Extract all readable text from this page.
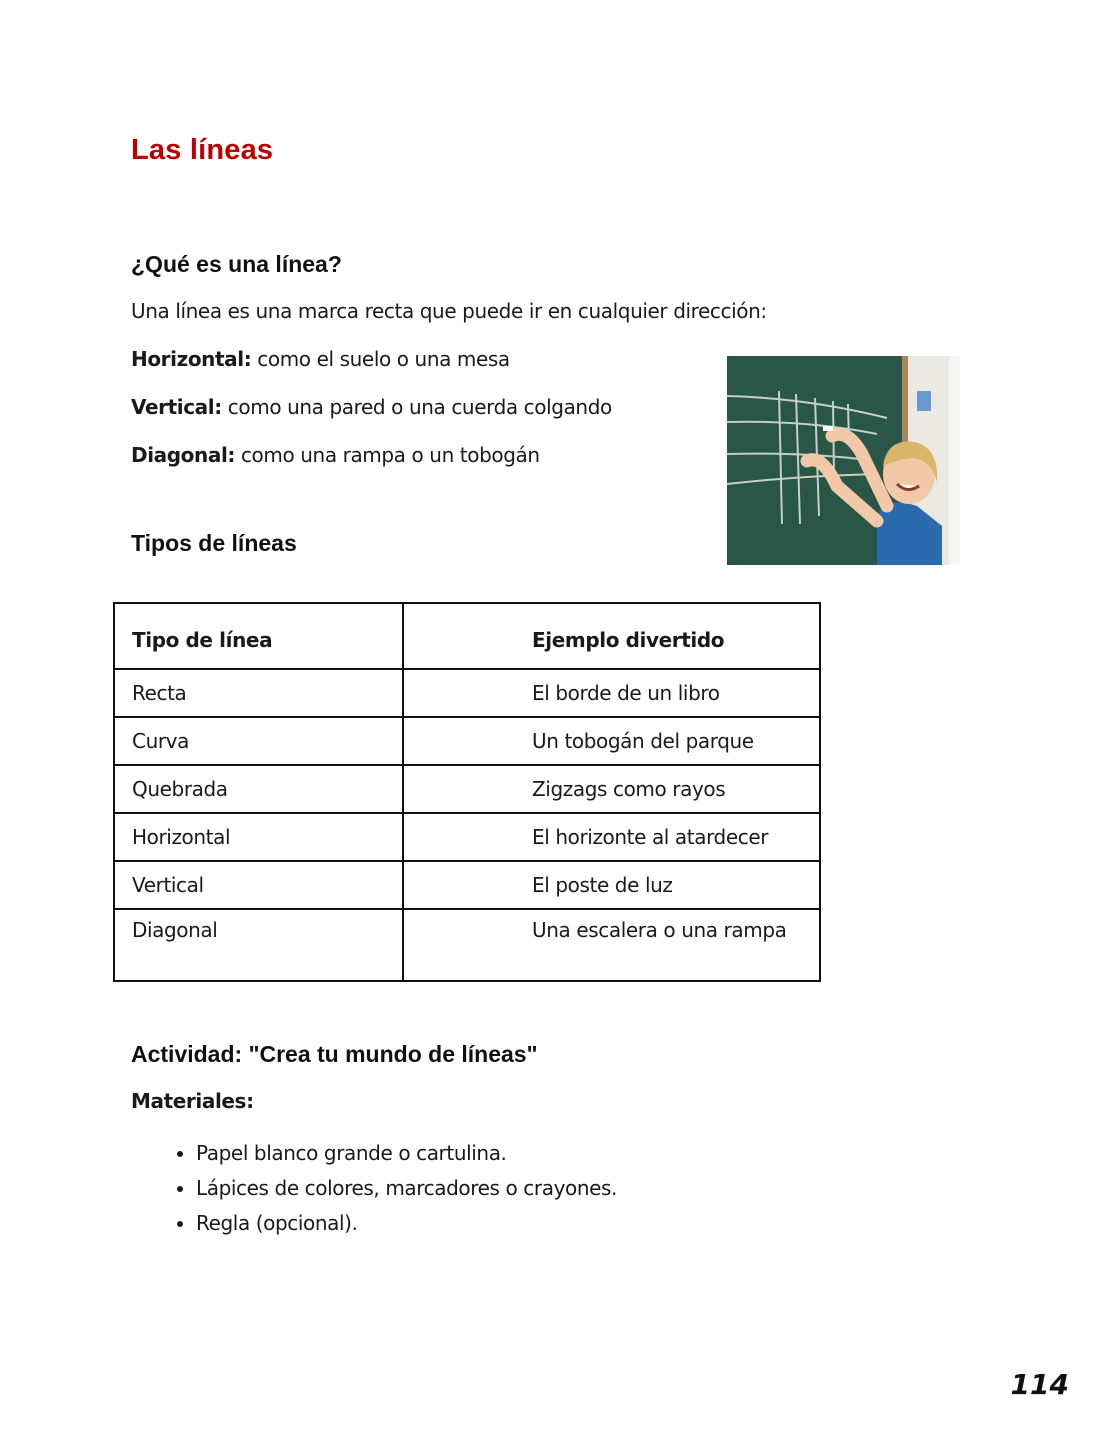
Las líneas
¿Qué es una línea?
Una línea es una marca recta que puede ir en cualquier dirección:
Horizontal: como el suelo o una mesa
Vertical: como una pared o una cuerda colgando
Diagonal: como una rampa o un tobogán
Tipos de líneas
Tipo de línea	Ejemplo divertido
Recta	El borde de un libro
Curva	Un tobogán del parque
Quebrada	Zigzags como rayos
Horizontal	El horizonte al atardecer
Vertical	El poste de luz
Diagonal	Una escalera o una rampa
Actividad: "Crea tu mundo de líneas"
Materiales:
• Papel blanco grande o cartulina.
• Lápices de colores, marcadores o crayones.
• Regla (opcional).
114
